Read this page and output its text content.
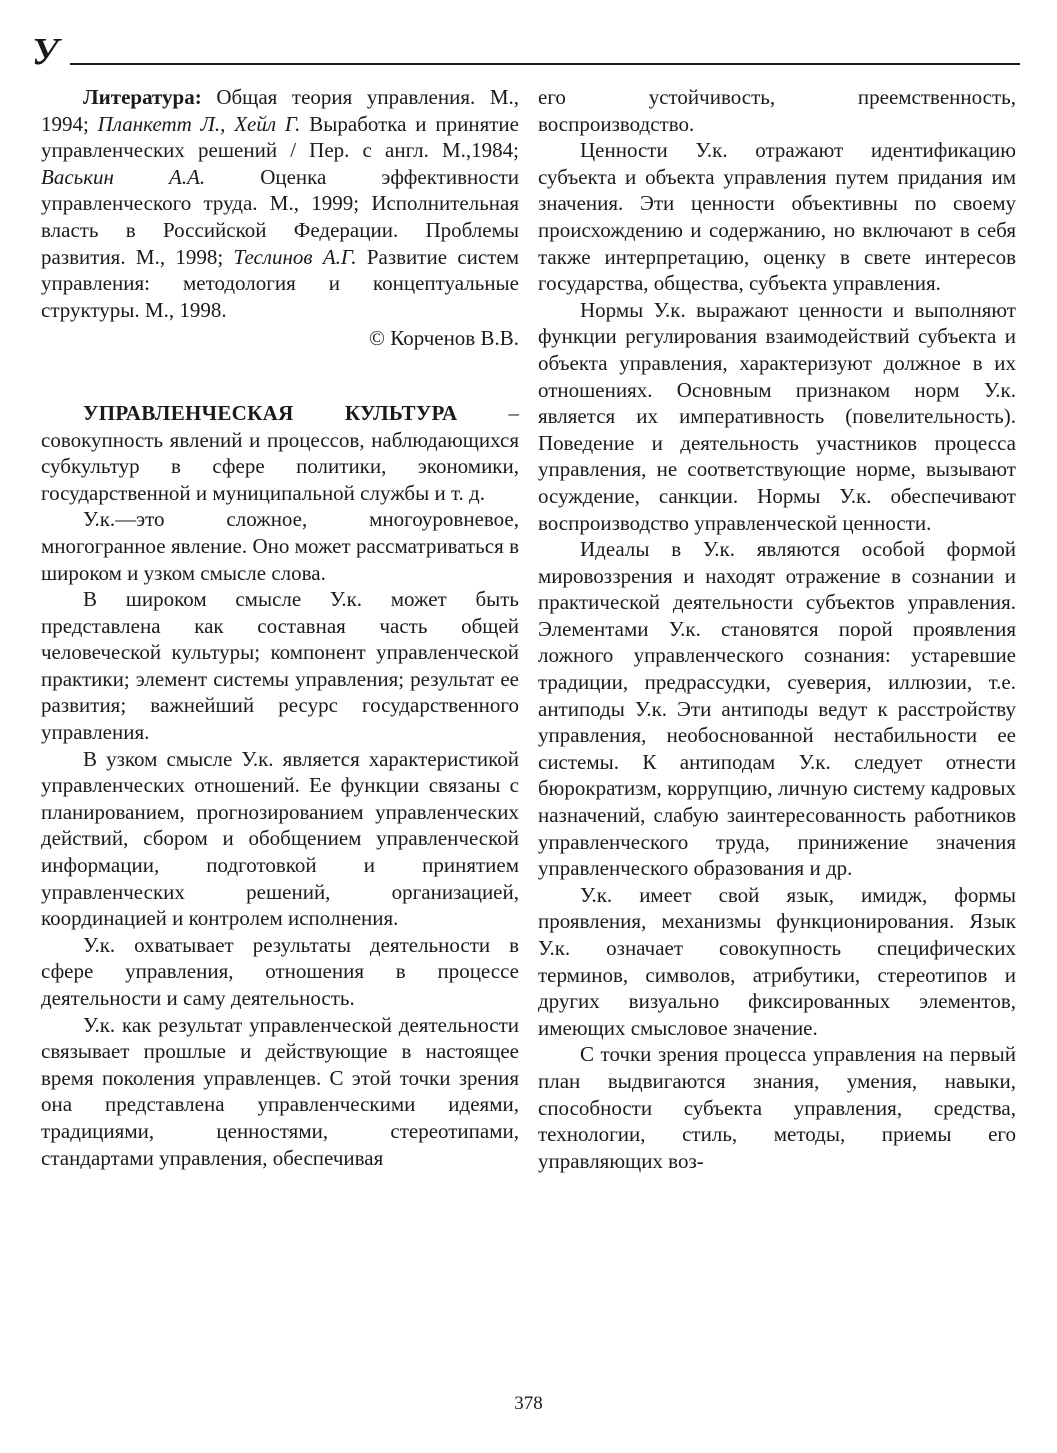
У

Литература: Общая теория управления. М., 1994; Планкетт Л., Хейл Г. Выработка и принятие управленческих решений / Пер. с англ. М.,1984; Васькин А.А. Оценка эффективности управленческого труда. М., 1999; Исполнительная власть в Российской Федерации. Проблемы развития. М., 1998; Теслинов А.Г. Развитие систем управления: методология и концептуальные структуры. М., 1998.

© Корченов В.В.

УПРАВЛЕНЧЕСКАЯ КУЛЬТУРА – совокупность явлений и процессов, наблюдающихся субкультур в сфере политики, экономики, государственной и муниципальной службы и т. д.

У.к.—это сложное, многоуровневое, многогранное явление. Оно может рассматриваться в широком и узком смысле слова.

В широком смысле У.к. может быть представлена как составная часть общей человеческой культуры; компонент управленческой практики; элемент системы управления; результат ее развития; важнейший ресурс государственного управления.

В узком смысле У.к. является характеристикой управленческих отношений. Ее функции связаны с планированием, прогнозированием управленческих действий, сбором и обобщением управленческой информации, подготовкой и принятием управленческих решений, организацией, координацией и контролем исполнения.

У.к. охватывает результаты деятельности в сфере управления, отношения в процессе деятельности и саму деятельность.

У.к. как результат управленческой деятельности связывает прошлые и действующие в настоящее время поколения управленцев. С этой точки зрения она представлена управленческими идеями, традициями, ценностями, стереотипами, стандартами управления, обеспечивая

его устойчивость, преемственность, воспроизводство.

Ценности У.к. отражают идентификацию субъекта и объекта управления путем придания им значения. Эти ценности объективны по своему происхождению и содержанию, но включают в себя также интерпретацию, оценку в свете интересов государства, общества, субъекта управления.

Нормы У.к. выражают ценности и выполняют функции регулирования взаимодействий субъекта и объекта управления, характеризуют должное в их отношениях. Основным признаком норм У.к. является их императивность (повелительность). Поведение и деятельность участников процесса управления, не соответствующие норме, вызывают осуждение, санкции. Нормы У.к. обеспечивают воспроизводство управленческой ценности.

Идеалы в У.к. являются особой формой мировоззрения и находят отражение в сознании и практической деятельности субъектов управления. Элементами У.к. становятся порой проявления ложного управленческого сознания: устаревшие традиции, предрассудки, суеверия, иллюзии, т.е. антиподы У.к. Эти антиподы ведут к расстройству управления, необоснованной нестабильности ее системы. К антиподам У.к. следует отнести бюрократизм, коррупцию, личную систему кадровых назначений, слабую заинтересованность работников управленческого труда, принижение значения управленческого образования и др.

У.к. имеет свой язык, имидж, формы проявления, механизмы функционирования. Язык У.к. означает совокупность специфических терминов, символов, атрибутики, стереотипов и других визуально фиксированных элементов, имеющих смысловое значение.

С точки зрения процесса управления на первый план выдвигаются знания, умения, навыки, способности субъекта управления, средства, технологии, стиль, методы, приемы его управляющих воз-

378
